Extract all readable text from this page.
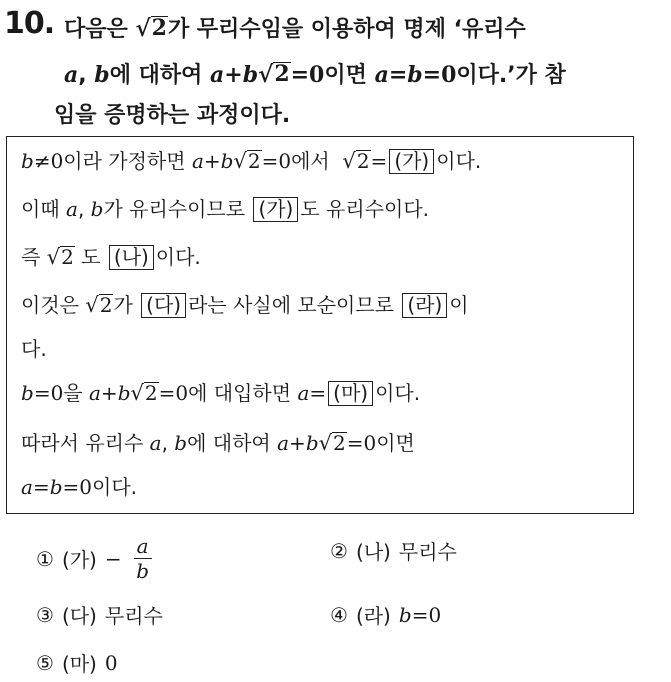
10. 다음은 √ 2 가 무리수임을 이용하여 명제 ‘유리수
a, b에 대하여 a+b √ 2 =0이면 a=b=0이다.’가 참
임을 증명하는 과정이다.
b≠0이라 가정하면 a+b √ 2 =0에서 √ 2 = (가) 이다.
이때 a, b가 유리수이므로 (가) 도 유리수이다.
즉 √ 2 도 (나) 이다.
이것은 √ 2 가 (다) 라는 사실에 모순이므로 (라) 이
다.
b=0을 a+b √ 2 =0에 대입하면 a= (마) 이다.
따라서 유리수 a, b에 대하여 a+b √ 2 =0이면
a=b=0이다.
① (가) − $\frac{a}{b}$	② (나) 무리수
③ (다) 무리수	④ (라) b=0
⑤ (마) 0
